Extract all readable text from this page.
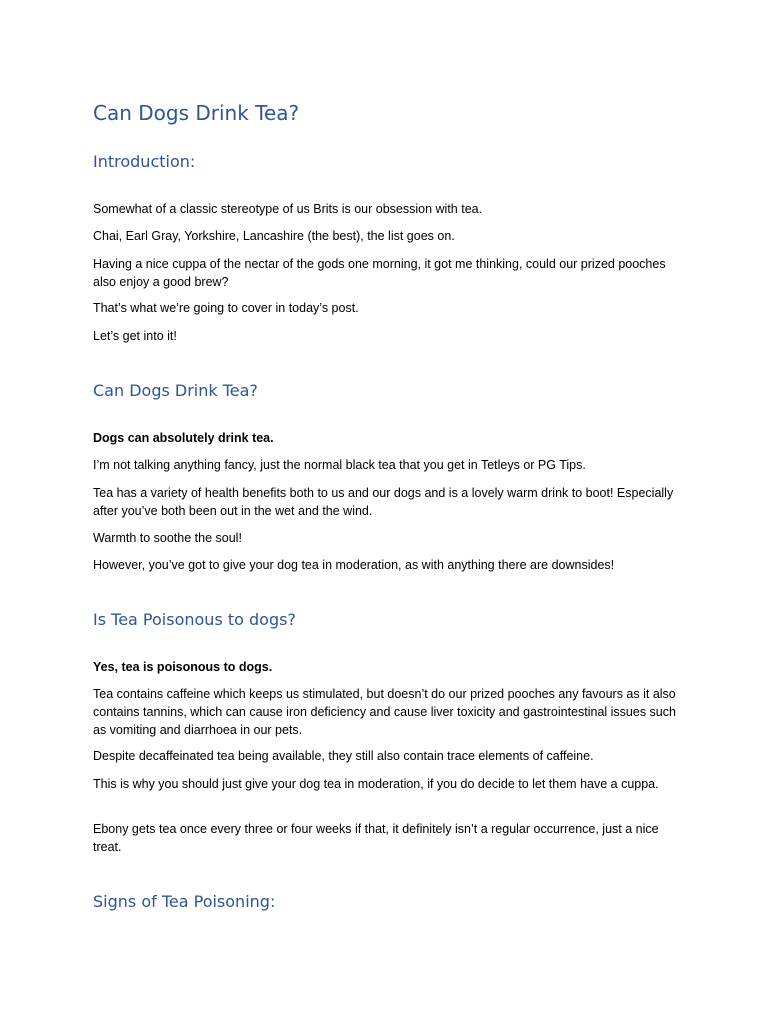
Can Dogs Drink Tea?
Introduction:

Somewhat of a classic stereotype of us Brits is our obsession with tea.

Chai, Earl Gray, Yorkshire, Lancashire (the best), the list goes on.

Having a nice cuppa of the nectar of the gods one morning, it got me thinking, could our prized pooches also enjoy a good brew?

That’s what we’re going to cover in today’s post.

Let’s get into it!

Can Dogs Drink Tea?

Dogs can absolutely drink tea.

I’m not talking anything fancy, just the normal black tea that you get in Tetleys or PG Tips.

Tea has a variety of health benefits both to us and our dogs and is a lovely warm drink to boot! Especially after you’ve both been out in the wet and the wind.

Warmth to soothe the soul!

However, you’ve got to give your dog tea in moderation, as with anything there are downsides!

Is Tea Poisonous to dogs?

Yes, tea is poisonous to dogs.

Tea contains caffeine which keeps us stimulated, but doesn’t do our prized pooches any favours as it also contains tannins, which can cause iron deficiency and cause liver toxicity and gastrointestinal issues such as vomiting and diarrhoea in our pets.

Despite decaffeinated tea being available, they still also contain trace elements of caffeine.

This is why you should just give your dog tea in moderation, if you do decide to let them have a cuppa.

Ebony gets tea once every three or four weeks if that, it definitely isn’t a regular occurrence, just a nice treat.

Signs of Tea Poisoning:
